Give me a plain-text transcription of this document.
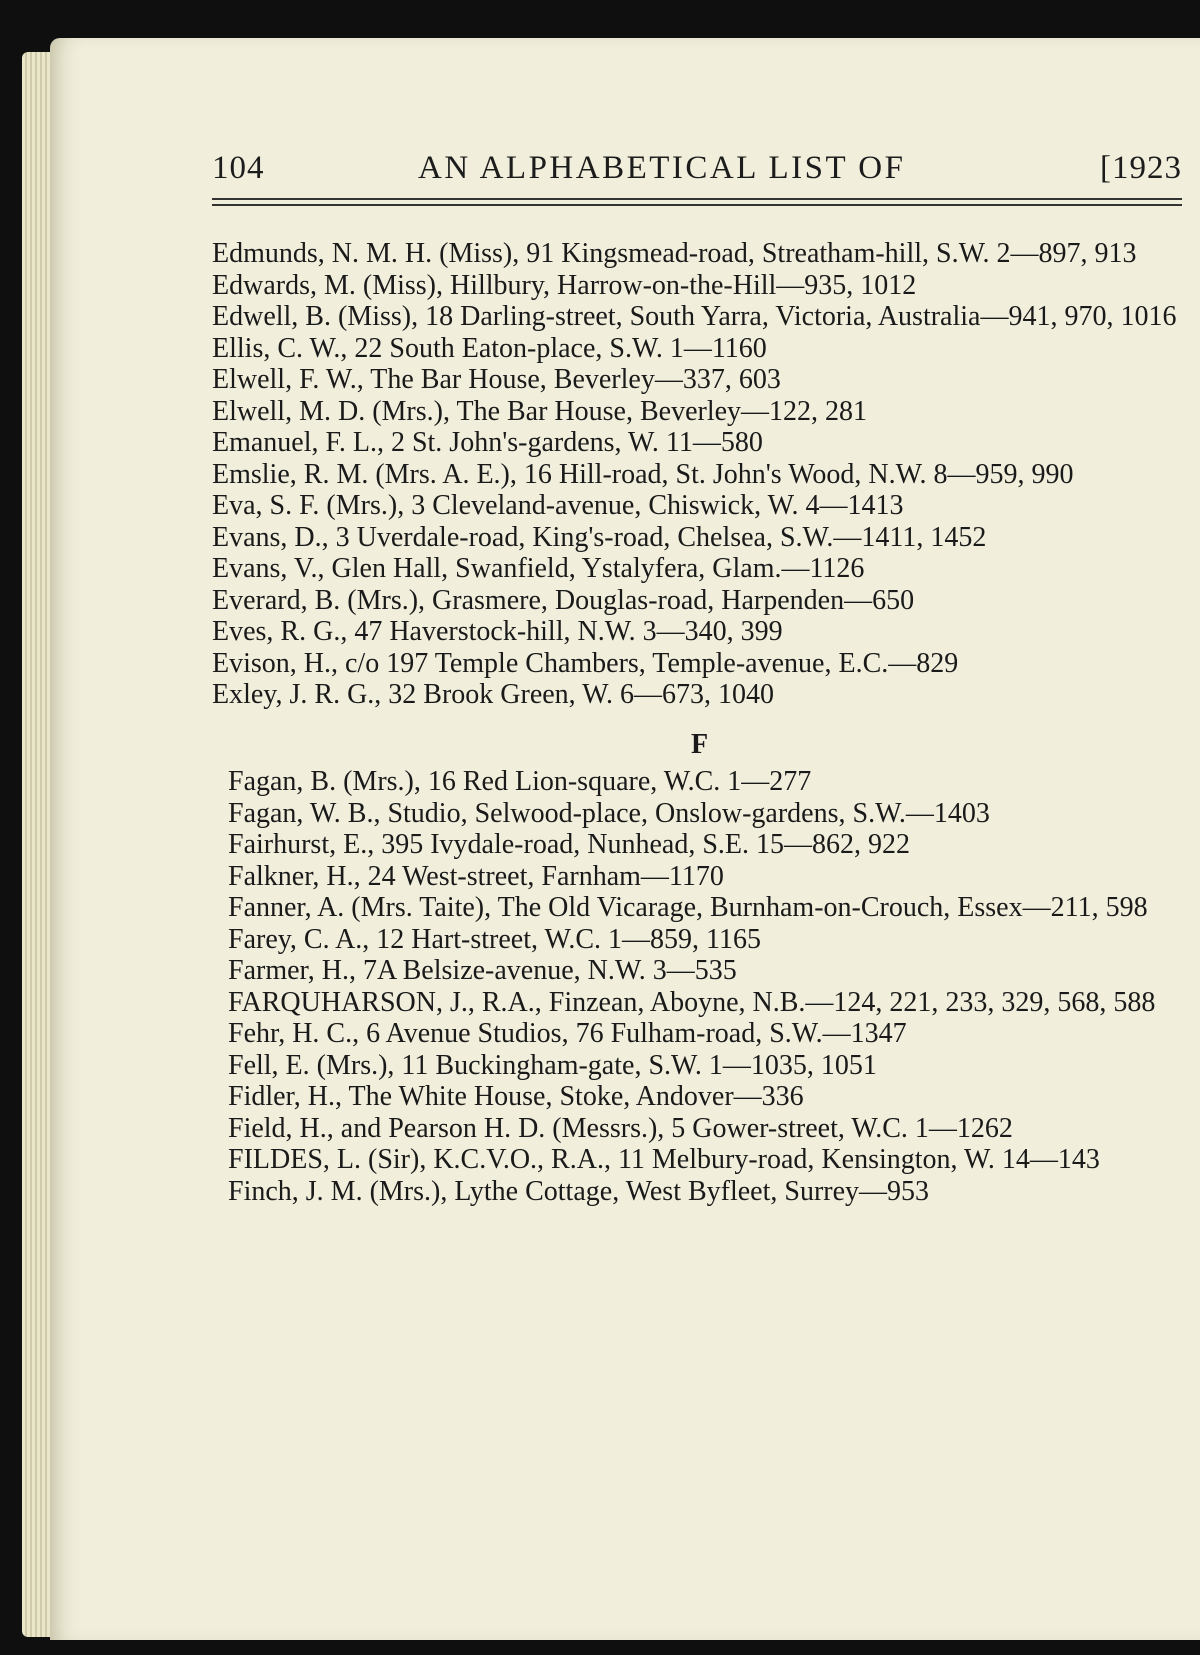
104	AN ALPHABETICAL LIST OF	[1923

Edmunds, N. M. H. (Miss), 91 Kingsmead-road, Streatham-hill, S.W. 2—897, 913

Edwards, M. (Miss), Hillbury, Harrow-on-the-Hill—935, 1012

Edwell, B. (Miss), 18 Darling-street, South Yarra, Victoria, Australia—941, 970, 1016

Ellis, C. W., 22 South Eaton-place, S.W. 1—1160

Elwell, F. W., The Bar House, Beverley—337, 603

Elwell, M. D. (Mrs.), The Bar House, Beverley—122, 281

Emanuel, F. L., 2 St. John's-gardens, W. 11—580

Emslie, R. M. (Mrs. A. E.), 16 Hill-road, St. John's Wood, N.W. 8—959, 990

Eva, S. F. (Mrs.), 3 Cleveland-avenue, Chiswick, W. 4—1413

Evans, D., 3 Uverdale-road, King's-road, Chelsea, S.W.—1411, 1452

Evans, V., Glen Hall, Swanfield, Ystalyfera, Glam.—1126

Everard, B. (Mrs.), Grasmere, Douglas-road, Harpenden—650

Eves, R. G., 47 Haverstock-hill, N.W. 3—340, 399

Evison, H., c/o 197 Temple Chambers, Temple-avenue, E.C.—829

Exley, J. R. G., 32 Brook Green, W. 6—673, 1040

F

Fagan, B. (Mrs.), 16 Red Lion-square, W.C. 1—277

Fagan, W. B., Studio, Selwood-place, Onslow-gardens, S.W.—1403

Fairhurst, E., 395 Ivydale-road, Nunhead, S.E. 15—862, 922

Falkner, H., 24 West-street, Farnham—1170

Fanner, A. (Mrs. Taite), The Old Vicarage, Burnham-on-Crouch, Essex—211, 598

Farey, C. A., 12 Hart-street, W.C. 1—859, 1165

Farmer, H., 7A Belsize-avenue, N.W. 3—535

FARQUHARSON, J., R.A., Finzean, Aboyne, N.B.—124, 221, 233, 329, 568, 588

Fehr, H. C., 6 Avenue Studios, 76 Fulham-road, S.W.—1347

Fell, E. (Mrs.), 11 Buckingham-gate, S.W. 1—1035, 1051

Fidler, H., The White House, Stoke, Andover—336

Field, H., and Pearson H. D. (Messrs.), 5 Gower-street, W.C. 1—1262

FILDES, L. (Sir), K.C.V.O., R.A., 11 Melbury-road, Kensington, W. 14—143

Finch, J. M. (Mrs.), Lythe Cottage, West Byfleet, Surrey—953
